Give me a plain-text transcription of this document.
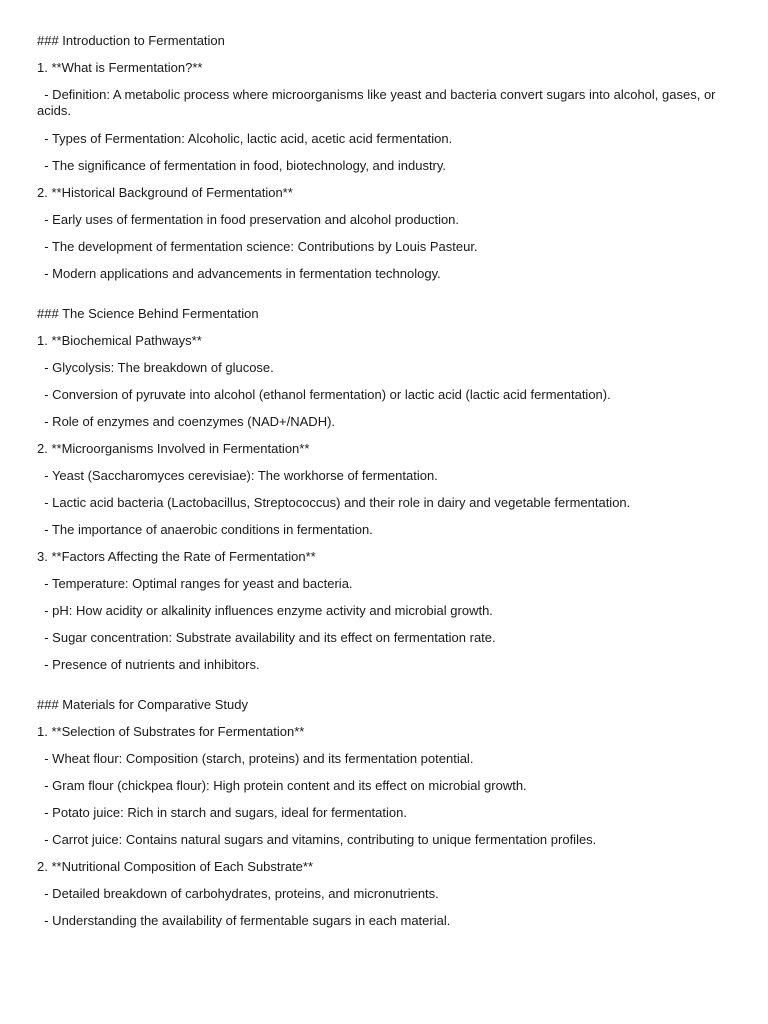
### Introduction to Fermentation
1. **What is Fermentation?**
- Definition: A metabolic process where microorganisms like yeast and bacteria convert sugars into alcohol, gases, or acids.
- Types of Fermentation: Alcoholic, lactic acid, acetic acid fermentation.
- The significance of fermentation in food, biotechnology, and industry.
2. **Historical Background of Fermentation**
- Early uses of fermentation in food preservation and alcohol production.
- The development of fermentation science: Contributions by Louis Pasteur.
- Modern applications and advancements in fermentation technology.
### The Science Behind Fermentation
1. **Biochemical Pathways**
- Glycolysis: The breakdown of glucose.
- Conversion of pyruvate into alcohol (ethanol fermentation) or lactic acid (lactic acid fermentation).
- Role of enzymes and coenzymes (NAD+/NADH).
2. **Microorganisms Involved in Fermentation**
- Yeast (Saccharomyces cerevisiae): The workhorse of fermentation.
- Lactic acid bacteria (Lactobacillus, Streptococcus) and their role in dairy and vegetable fermentation.
- The importance of anaerobic conditions in fermentation.
3. **Factors Affecting the Rate of Fermentation**
- Temperature: Optimal ranges for yeast and bacteria.
- pH: How acidity or alkalinity influences enzyme activity and microbial growth.
- Sugar concentration: Substrate availability and its effect on fermentation rate.
- Presence of nutrients and inhibitors.
### Materials for Comparative Study
1. **Selection of Substrates for Fermentation**
- Wheat flour: Composition (starch, proteins) and its fermentation potential.
- Gram flour (chickpea flour): High protein content and its effect on microbial growth.
- Potato juice: Rich in starch and sugars, ideal for fermentation.
- Carrot juice: Contains natural sugars and vitamins, contributing to unique fermentation profiles.
2. **Nutritional Composition of Each Substrate**
- Detailed breakdown of carbohydrates, proteins, and micronutrients.
- Understanding the availability of fermentable sugars in each material.
